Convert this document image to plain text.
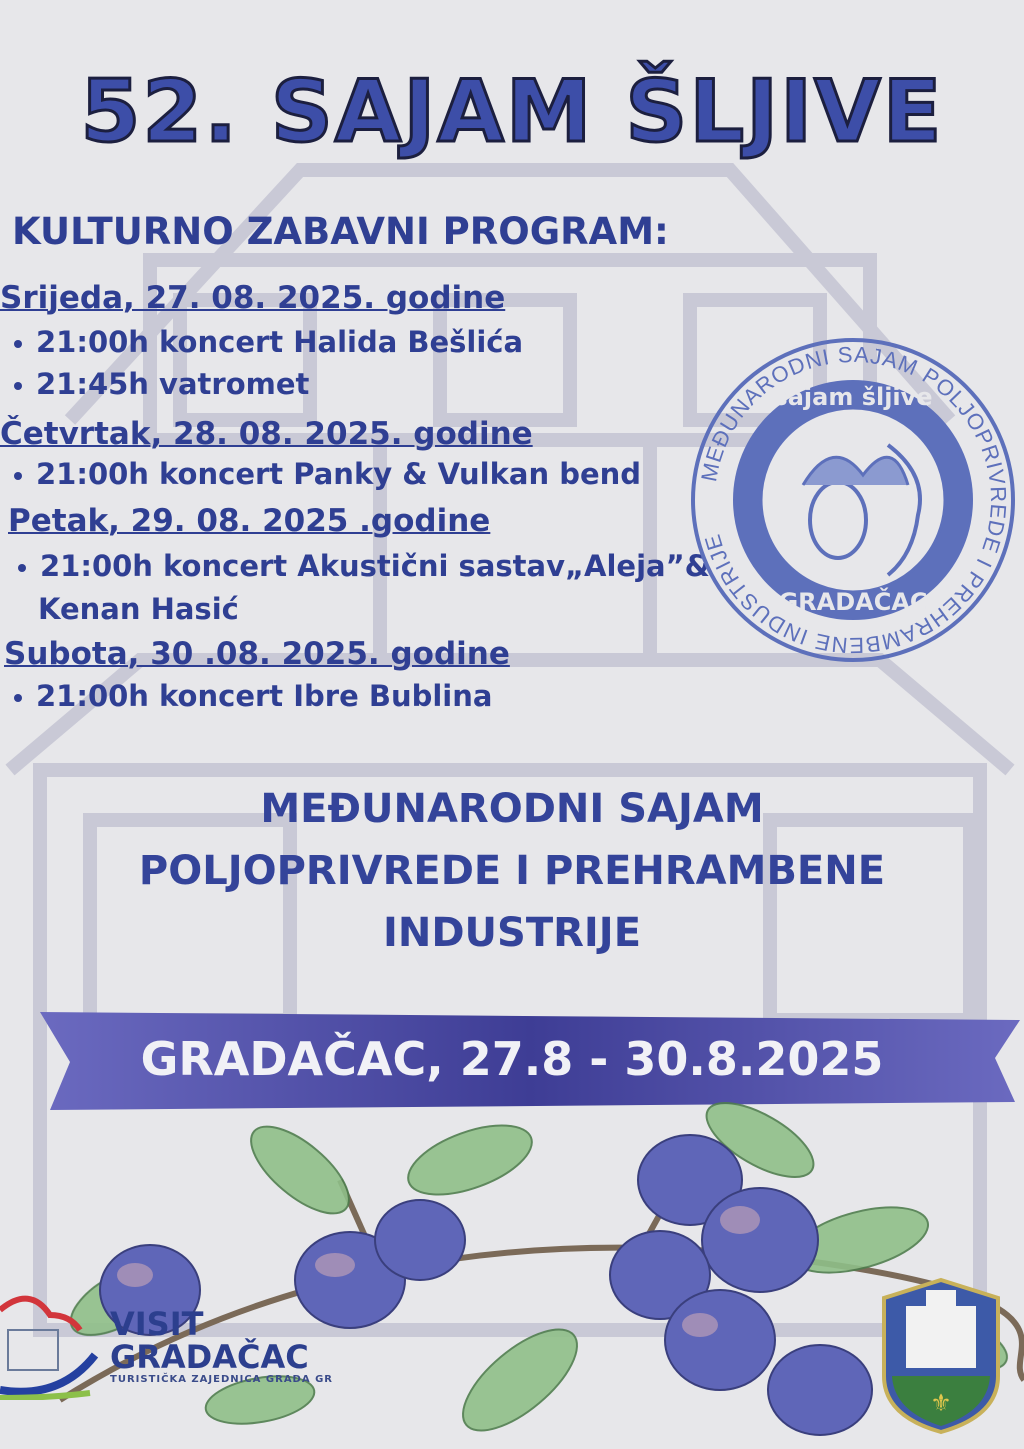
52. SAJAM ŠLJIVE
KULTURNO ZABAVNI PROGRAM:
Srijeda, 27. 08. 2025. godine
21:00h koncert Halida Bešlića
21:45h vatromet
Četvrtak, 28. 08. 2025. godine
21:00h koncert Panky & Vulkan bend
Petak, 29. 08. 2025 .godine
21:00h koncert Akustični sastav„Aleja”&
Kenan Hasić
Subota, 30 .08. 2025. godine
21:00h koncert Ibre Bublina
MEĐUNARODNI SAJAM POLJOPRIVREDE I PREHRAMBENE INDUSTRIJE
sajam šljive
GRADAČAC
MEĐUNARODNI SAJAM
POLJOPRIVREDE I PREHRAMBENE
INDUSTRIJE
GRADAČAC, 27.8 - 30.8.2025
VISIT
GRADAČAC
TURISTIČKA ZAJEDNICA GRADA GR
⚜
